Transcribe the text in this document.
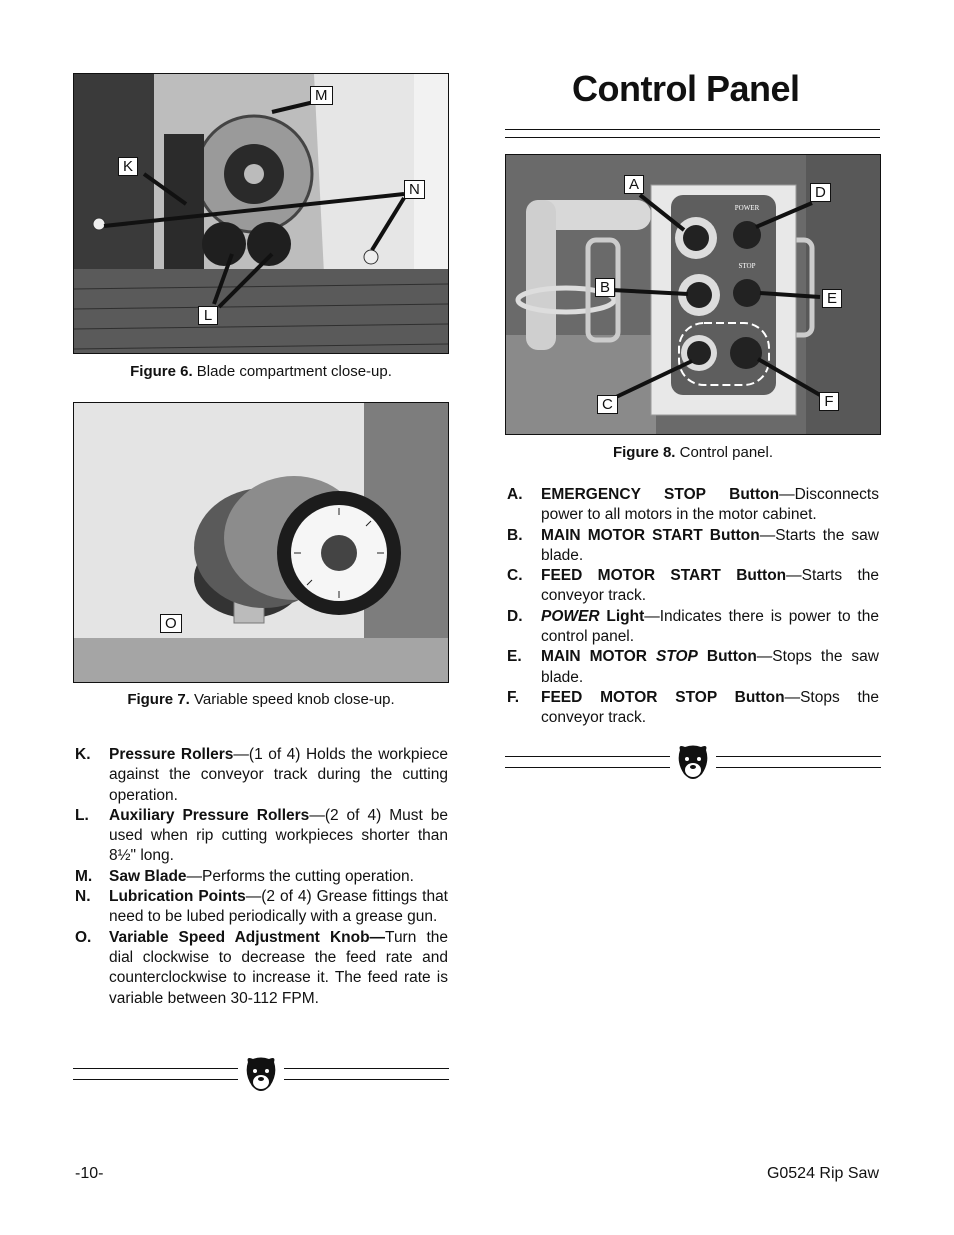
M
K
N
L
Figure 6. Blade compartment close-up.
O
Figure 7. Variable speed knob close-up.
K.	Pressure Rollers—(1 of 4) Holds the workpiece against the conveyor track during the cutting operation.
L.	Auxiliary Pressure Rollers—(2 of 4) Must be used when rip cutting workpieces shorter than 8½" long.
M.	Saw Blade—Performs the cutting operation.
N.	Lubrication Points—(2 of 4) Grease fittings that need to be lubed periodically with a grease gun.
O.	Variable Speed Adjustment Knob—Turn the dial clockwise to decrease the feed rate and counterclockwise to increase it. The feed rate is variable between 30-112 FPM.
Control Panel
POWER
STOP
A	D
B
E
C	F
Figure 8. Control panel.
A.	EMERGENCY STOP Button—Disconnects power to all motors in the motor cabinet.
B.	MAIN MOTOR START Button—Starts the saw blade.
C.	FEED MOTOR START Button—Starts the conveyor track.
D.	POWER Light—Indicates there is power to the control panel.
E.	MAIN MOTOR STOP Button—Stops the saw blade.
F.	FEED MOTOR STOP Button—Stops the conveyor track.
-10-	G0524 Rip Saw
